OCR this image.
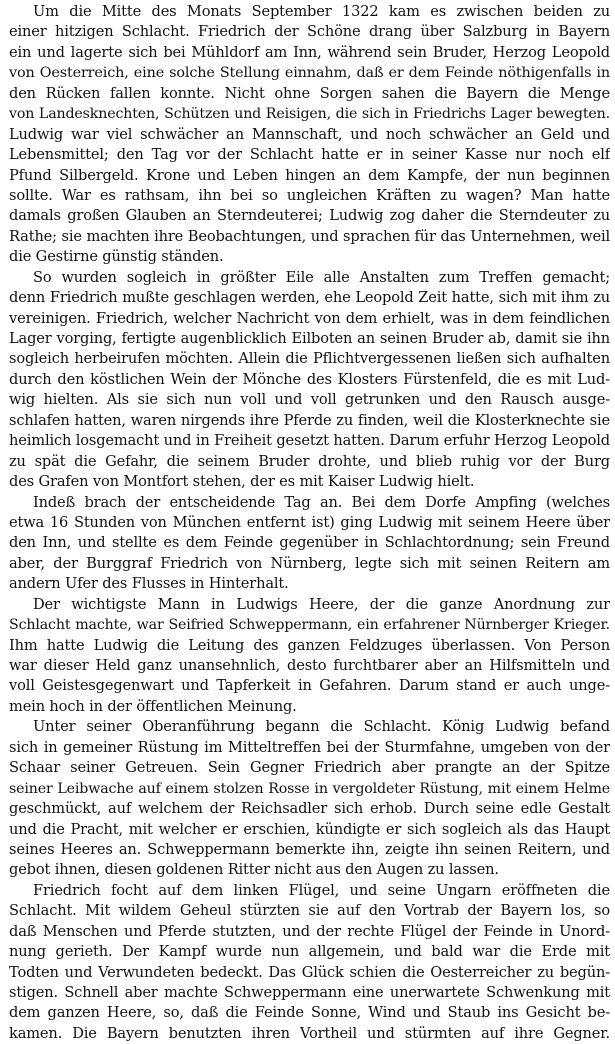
Um die Mitte des Monats September 1322 kam es zwischen beiden zu
einer hitzigen Schlacht. Friedrich der Schöne drang über Salzburg in Bayern
ein und lagerte sich bei Mühldorf am Inn, während sein Bruder, Herzog Leopold
von Oesterreich, eine solche Stellung einnahm, daß er dem Feinde nöthigenfalls in
den Rücken fallen konnte. Nicht ohne Sorgen sahen die Bayern die Menge
von Landesknechten, Schützen und Reisigen, die sich in Friedrichs Lager bewegten.
Ludwig war viel schwächer an Mannschaft, und noch schwächer an Geld und
Lebensmittel; den Tag vor der Schlacht hatte er in seiner Kasse nur noch elf
Pfund Silbergeld. Krone und Leben hingen an dem Kampfe, der nun beginnen
sollte. War es rathsam, ihn bei so ungleichen Kräften zu wagen? Man hatte
damals großen Glauben an Sterndeuterei; Ludwig zog daher die Sterndeuter zu
Rathe; sie machten ihre Beobachtungen, und sprachen für das Unternehmen, weil
die Gestirne günstig ständen.
So wurden sogleich in größter Eile alle Anstalten zum Treffen gemacht;
denn Friedrich mußte geschlagen werden, ehe Leopold Zeit hatte, sich mit ihm zu
vereinigen. Friedrich, welcher Nachricht von dem erhielt, was in dem feindlichen
Lager vorging, fertigte augenblicklich Eilboten an seinen Bruder ab, damit sie ihn
sogleich herbeirufen möchten. Allein die Pflichtvergessenen ließen sich aufhalten
durch den köstlichen Wein der Mönche des Klosters Fürstenfeld, die es mit Lud-
wig hielten. Als sie sich nun voll und voll getrunken und den Rausch ausge-
schlafen hatten, waren nirgends ihre Pferde zu finden, weil die Klosterknechte sie
heimlich losgemacht und in Freiheit gesetzt hatten. Darum erfuhr Herzog Leopold
zu spät die Gefahr, die seinem Bruder drohte, und blieb ruhig vor der Burg
des Grafen von Montfort stehen, der es mit Kaiser Ludwig hielt.
Indeß brach der entscheidende Tag an. Bei dem Dorfe Ampfing (welches
etwa 16 Stunden von München entfernt ist) ging Ludwig mit seinem Heere über
den Inn, und stellte es dem Feinde gegenüber in Schlachtordnung; sein Freund
aber, der Burggraf Friedrich von Nürnberg, legte sich mit seinen Reitern am
andern Ufer des Flusses in Hinterhalt.
Der wichtigste Mann in Ludwigs Heere, der die ganze Anordnung zur
Schlacht machte, war Seifried Schweppermann, ein erfahrener Nürnberger Krieger.
Ihm hatte Ludwig die Leitung des ganzen Feldzuges überlassen. Von Person
war dieser Held ganz unansehnlich, desto furchtbarer aber an Hilfsmitteln und
voll Geistesgegenwart und Tapferkeit in Gefahren. Darum stand er auch unge-
mein hoch in der öffentlichen Meinung.
Unter seiner Oberanführung begann die Schlacht. König Ludwig befand
sich in gemeiner Rüstung im Mitteltreffen bei der Sturmfahne, umgeben von der
Schaar seiner Getreuen. Sein Gegner Friedrich aber prangte an der Spitze
seiner Leibwache auf einem stolzen Rosse in vergoldeter Rüstung, mit einem Helme
geschmückt, auf welchem der Reichsadler sich erhob. Durch seine edle Gestalt
und die Pracht, mit welcher er erschien, kündigte er sich sogleich als das Haupt
seines Heeres an. Schweppermann bemerkte ihn, zeigte ihn seinen Reitern, und
gebot ihnen, diesen goldenen Ritter nicht aus den Augen zu lassen.
Friedrich focht auf dem linken Flügel, und seine Ungarn eröffneten die
Schlacht. Mit wildem Geheul stürzten sie auf den Vortrab der Bayern los, so
daß Menschen und Pferde stutzten, und der rechte Flügel der Feinde in Unord-
nung gerieth. Der Kampf wurde nun allgemein, und bald war die Erde mit
Todten und Verwundeten bedeckt. Das Glück schien die Oesterreicher zu begün-
stigen. Schnell aber machte Schweppermann eine unerwartete Schwenkung mit
dem ganzen Heere, so, daß die Feinde Sonne, Wind und Staub ins Gesicht be-
kamen. Die Bayern benutzten ihren Vortheil und stürmten auf ihre Gegner.
